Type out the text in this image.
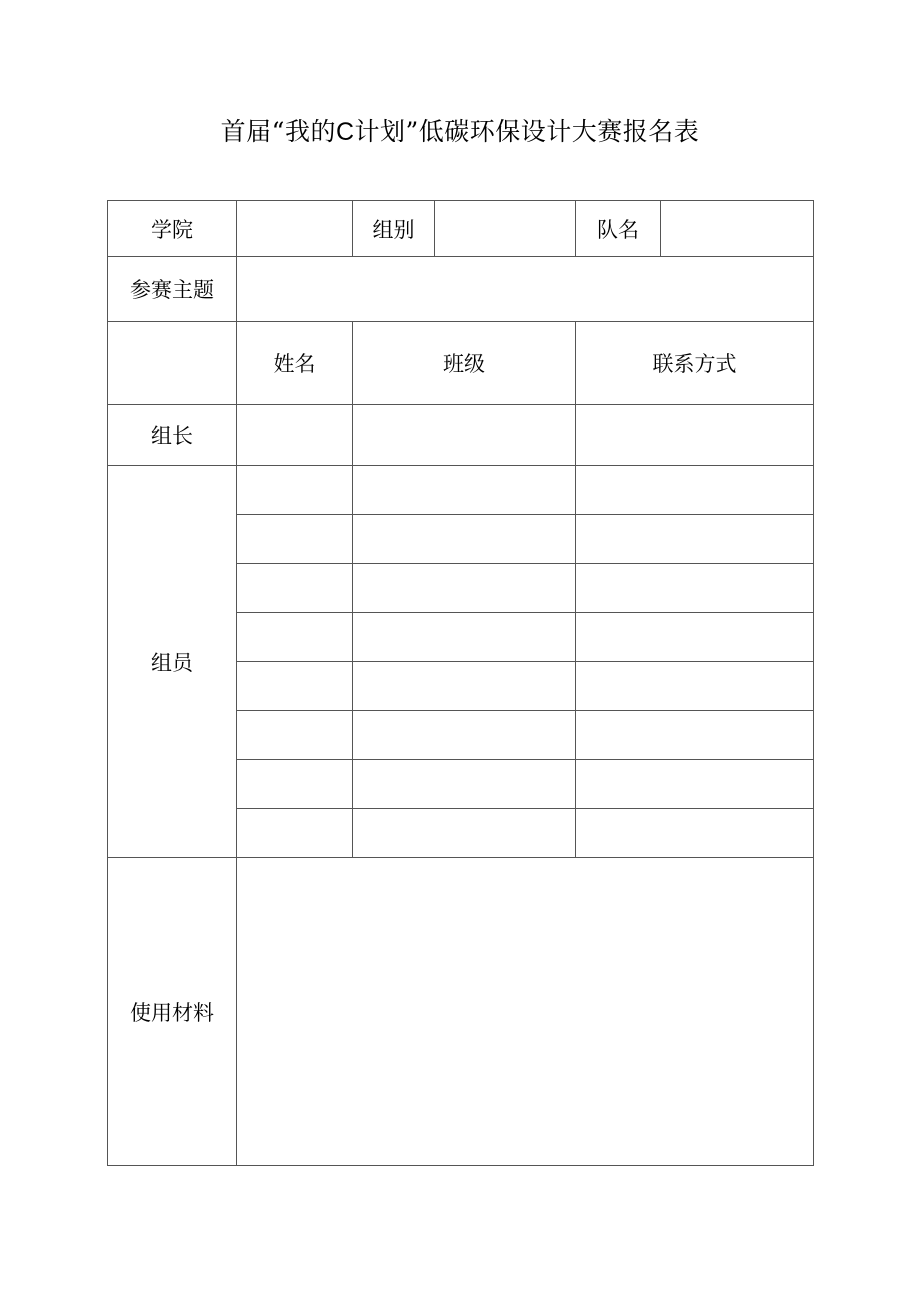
首届“我的C计划”低碳环保设计大赛报名表
学院		组别		队名	
参赛主题					
	姓名	班级		联系方式	
组长					
组员					

使用材料					
